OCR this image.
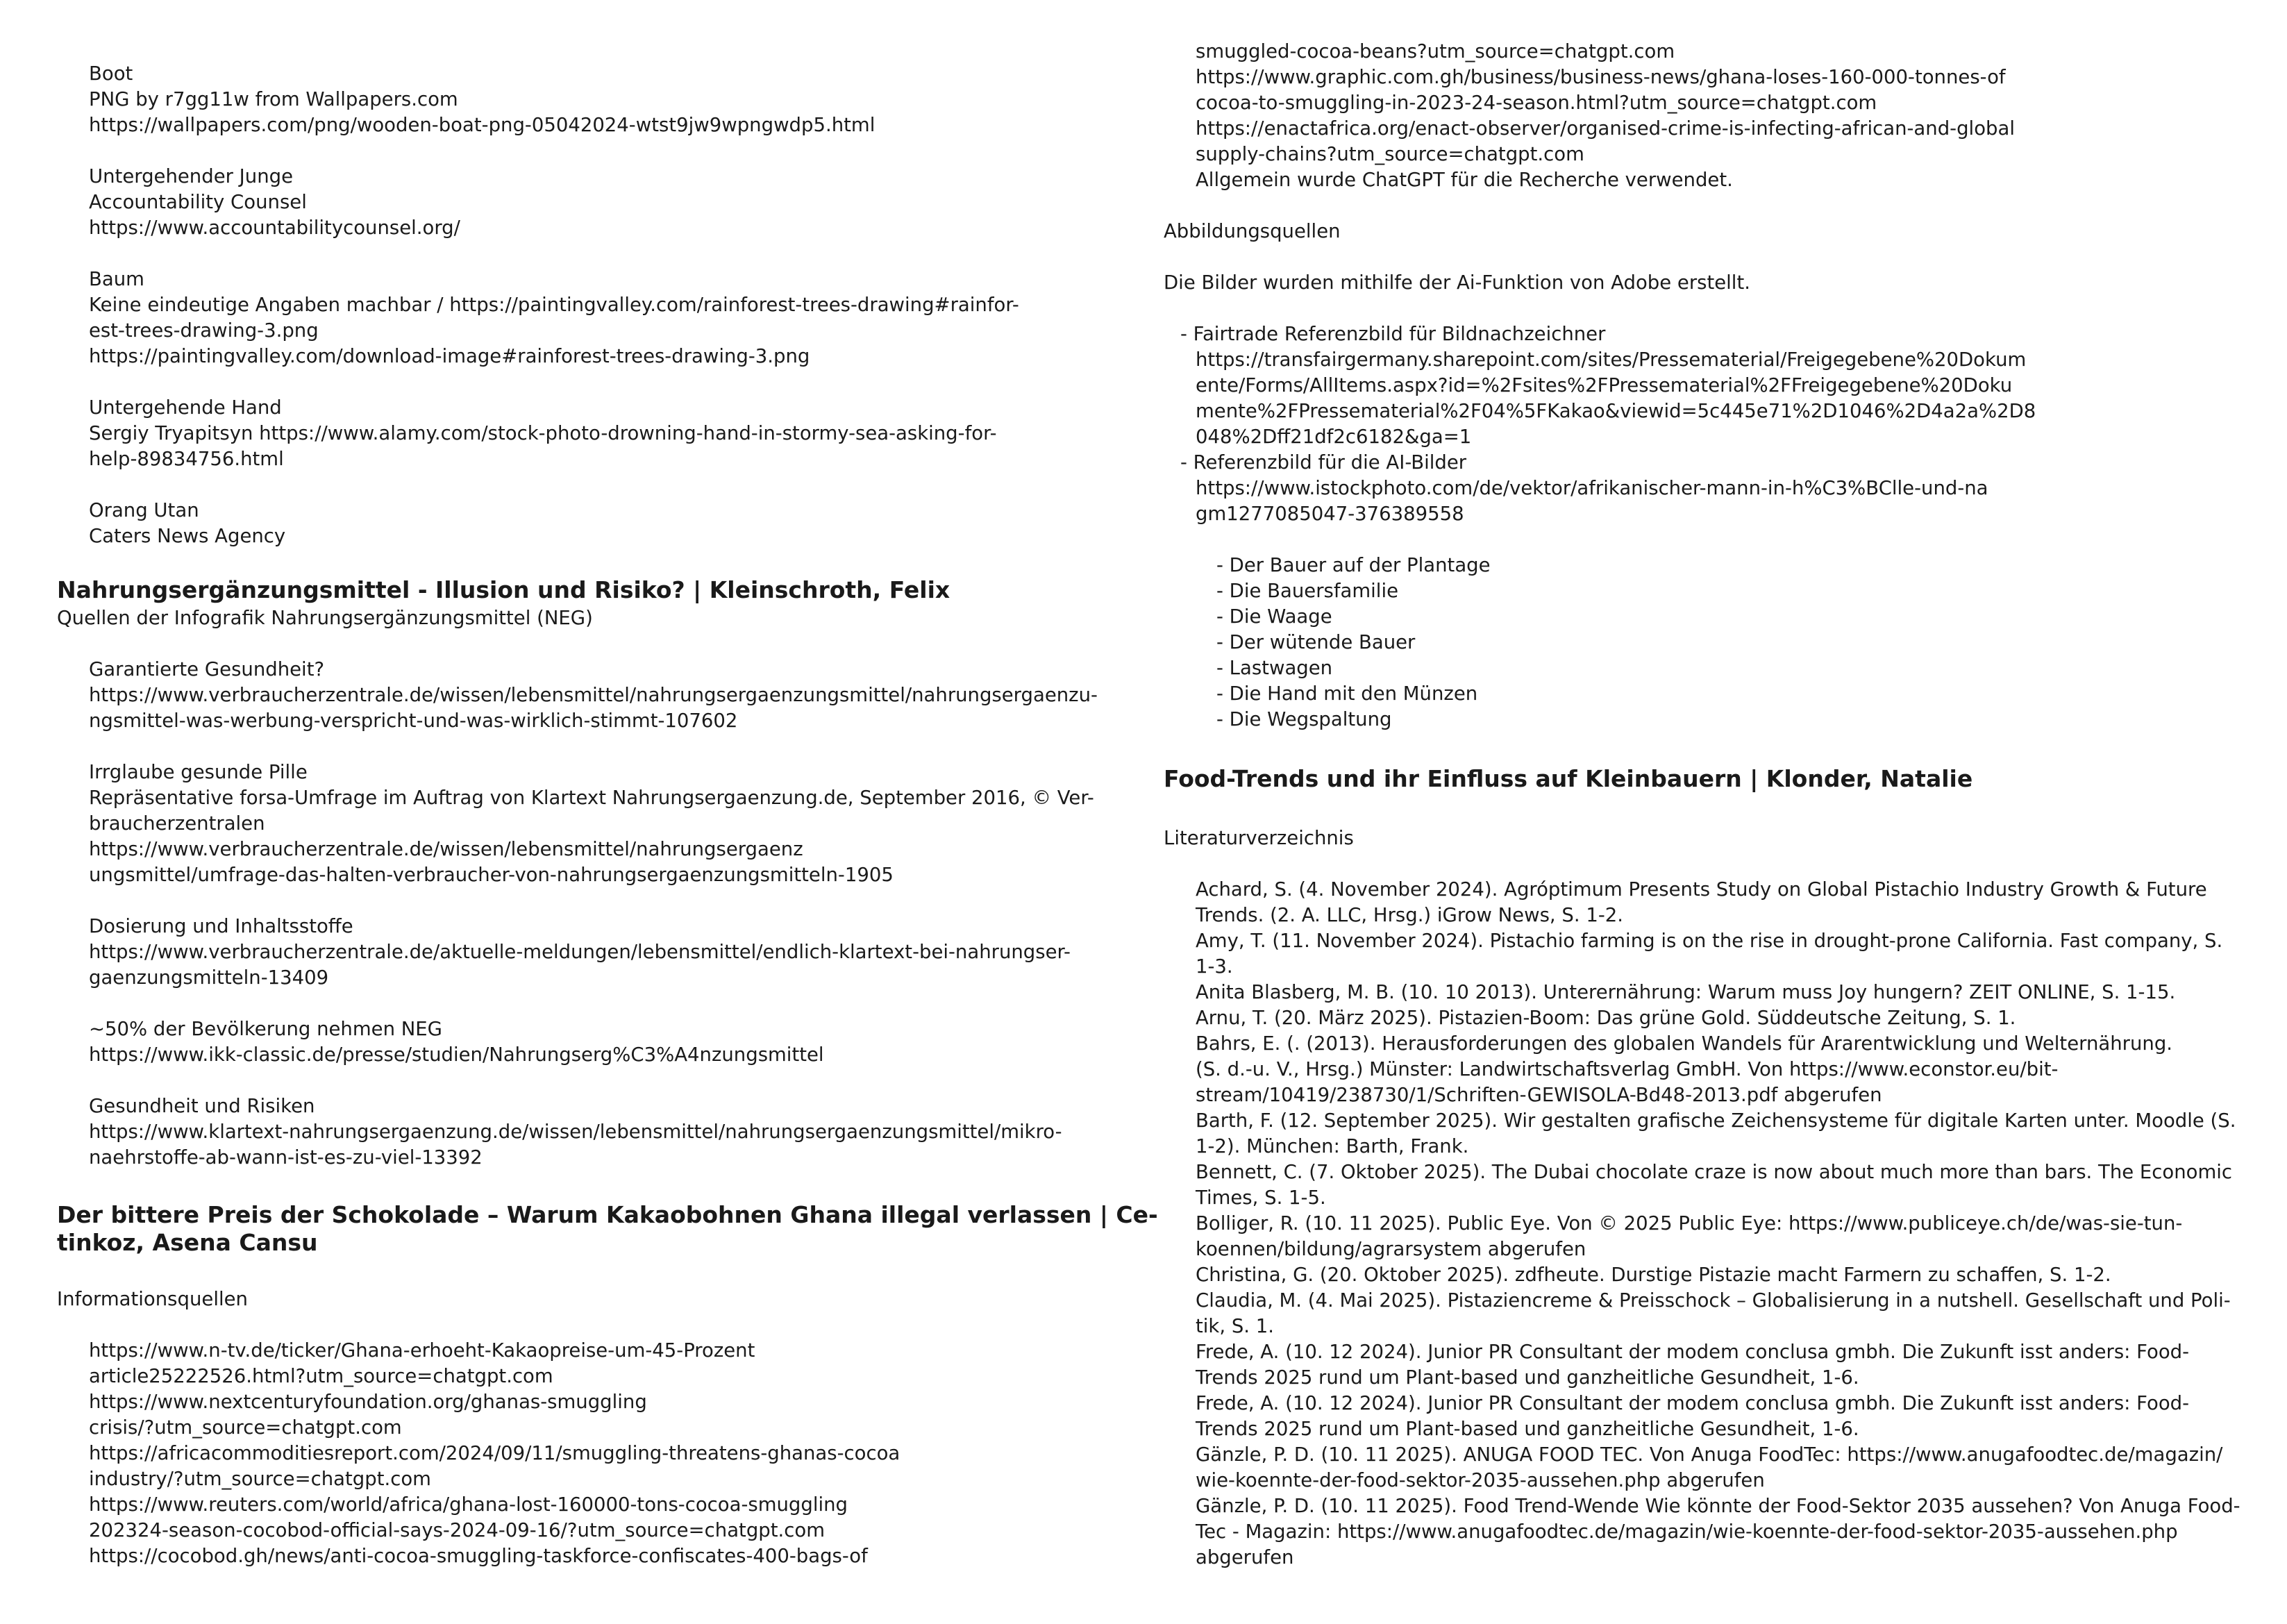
Boot
PNG by r7gg11w from Wallpapers.com
https://wallpapers.com/png/wooden-boat-png-05042024-wtst9jw9wpngwdp5.html
Untergehender Junge
Accountability Counsel
https://www.accountabilitycounsel.org/
Baum
Keine eindeutige Angaben machbar / https://paintingvalley.com/rainforest-trees-drawing#rainfor-
est-trees-drawing-3.png
https://paintingvalley.com/download-image#rainforest-trees-drawing-3.png
Untergehende Hand
Sergiy Tryapitsyn https://www.alamy.com/stock-photo-drowning-hand-in-stormy-sea-asking-for-
help-89834756.html
Orang Utan
Caters News Agency
Nahrungsergänzungsmittel - Illusion und Risiko? | Kleinschroth, Felix
Quellen der Infografik Nahrungsergänzungsmittel (NEG)
Garantierte Gesundheit?
https://www.verbraucherzentrale.de/wissen/lebensmittel/nahrungsergaenzungsmittel/nahrungsergaenzu-
ngsmittel-was-werbung-verspricht-und-was-wirklich-stimmt-107602
Irrglaube gesunde Pille
Repräsentative forsa-Umfrage im Auftrag von Klartext Nahrungsergaenzung.de, September 2016, © Ver-
braucherzentralen
https://www.verbraucherzentrale.de/wissen/lebensmittel/nahrungsergaenz
ungsmittel/umfrage-das-halten-verbraucher-von-nahrungsergaenzungsmitteln-1905
Dosierung und Inhaltsstoffe
https://www.verbraucherzentrale.de/aktuelle-meldungen/lebensmittel/endlich-klartext-bei-nahrungser-
gaenzungsmitteln-13409
~50% der Bevölkerung nehmen NEG
https://www.ikk-classic.de/presse/studien/Nahrungserg%C3%A4nzungsmittel
Gesundheit und Risiken
https://www.klartext-nahrungsergaenzung.de/wissen/lebensmittel/nahrungsergaenzungsmittel/mikro-
naehrstoffe-ab-wann-ist-es-zu-viel-13392
Der bittere Preis der Schokolade – Warum Kakaobohnen Ghana illegal verlassen | Ce-
tinkoz, Asena Cansu
Informationsquellen
https://www.n-tv.de/ticker/Ghana-erhoeht-Kakaopreise-um-45-Prozent
article25222526.html?utm_source=chatgpt.com
https://www.nextcenturyfoundation.org/ghanas-smuggling
crisis/?utm_source=chatgpt.com
https://africacommoditiesreport.com/2024/09/11/smuggling-threatens-ghanas-cocoa
industry/?utm_source=chatgpt.com
https://www.reuters.com/world/africa/ghana-lost-160000-tons-cocoa-smuggling
202324-season-cocobod-official-says-2024-09-16/?utm_source=chatgpt.com
https://cocobod.gh/news/anti-cocoa-smuggling-taskforce-confiscates-400-bags-of
smuggled-cocoa-beans?utm_source=chatgpt.com
https://www.graphic.com.gh/business/business-news/ghana-loses-160-000-tonnes-of
cocoa-to-smuggling-in-2023-24-season.html?utm_source=chatgpt.com
https://enactafrica.org/enact-observer/organised-crime-is-infecting-african-and-global
supply-chains?utm_source=chatgpt.com
Allgemein wurde ChatGPT für die Recherche verwendet.
Abbildungsquellen
Die Bilder wurden mithilfe der Ai-Funktion von Adobe erstellt.
- Fairtrade Referenzbild für Bildnachzeichner
https://transfairgermany.sharepoint.com/sites/Pressematerial/Freigegebene%20Dokum
ente/Forms/AllItems.aspx?id=%2Fsites%2FPressematerial%2FFreigegebene%20Doku
mente%2FPressematerial%2F04%5FKakao&viewid=5c445e71%2D1046%2D4a2a%2D8
048%2Dff21df2c6182&ga=1
- Referenzbild für die AI-Bilder
https://www.istockphoto.com/de/vektor/afrikanischer-mann-in-h%C3%BClle-und-na
gm1277085047-376389558
- Der Bauer auf der Plantage
- Die Bauersfamilie
- Die Waage
- Der wütende Bauer
- Lastwagen
- Die Hand mit den Münzen
- Die Wegspaltung
Food-Trends und ihr Einfluss auf Kleinbauern | Klonder, Natalie
Literaturverzeichnis
Achard, S. (4. November 2024). Agróptimum Presents Study on Global Pistachio Industry Growth & Future
Trends. (2. A. LLC, Hrsg.) iGrow News, S. 1-2.
Amy, T. (11. November 2024). Pistachio farming is on the rise in drought-prone California. Fast company, S.
1-3.
Anita Blasberg, M. B. (10. 10 2013). Unterernährung: Warum muss Joy hungern? ZEIT ONLINE, S. 1-15.
Arnu, T. (20. März 2025). Pistazien-Boom: Das grüne Gold. Süddeutsche Zeitung, S. 1.
Bahrs, E. (. (2013). Herausforderungen des globalen Wandels für Ararentwicklung und Welternährung.
(S. d.-u. V., Hrsg.) Münster: Landwirtschaftsverlag GmbH. Von https://www.econstor.eu/bit-
stream/10419/238730/1/Schriften-GEWISOLA-Bd48-2013.pdf abgerufen
Barth, F. (12. September 2025). Wir gestalten grafische Zeichensysteme für digitale Karten unter. Moodle (S.
1-2). München: Barth, Frank.
Bennett, C. (7. Oktober 2025). The Dubai chocolate craze is now about much more than bars. The Economic
Times, S. 1-5.
Bolliger, R. (10. 11 2025). Public Eye. Von © 2025 Public Eye: https://www.publiceye.ch/de/was-sie-tun-
koennen/bildung/agrarsystem abgerufen
Christina, G. (20. Oktober 2025). zdfheute. Durstige Pistazie macht Farmern zu schaffen, S. 1-2.
Claudia, M. (4. Mai 2025). Pistaziencreme & Preisschock – Globalisierung in a nutshell. Gesellschaft und Poli-
tik, S. 1.
Frede, A. (10. 12 2024). Junior PR Consultant der modem conclusa gmbh. Die Zukunft isst anders: Food-
Trends 2025 rund um Plant-based und ganzheitliche Gesundheit, 1-6.
Frede, A. (10. 12 2024). Junior PR Consultant der modem conclusa gmbh. Die Zukunft isst anders: Food-
Trends 2025 rund um Plant-based und ganzheitliche Gesundheit, 1-6.
Gänzle, P. D. (10. 11 2025). ANUGA FOOD TEC. Von Anuga FoodTec: https://www.anugafoodtec.de/magazin/
wie-koennte-der-food-sektor-2035-aussehen.php abgerufen
Gänzle, P. D. (10. 11 2025). Food Trend-Wende Wie könnte der Food-Sektor 2035 aussehen? Von Anuga Food-
Tec - Magazin: https://www.anugafoodtec.de/magazin/wie-koennte-der-food-sektor-2035-aussehen.php
abgerufen
